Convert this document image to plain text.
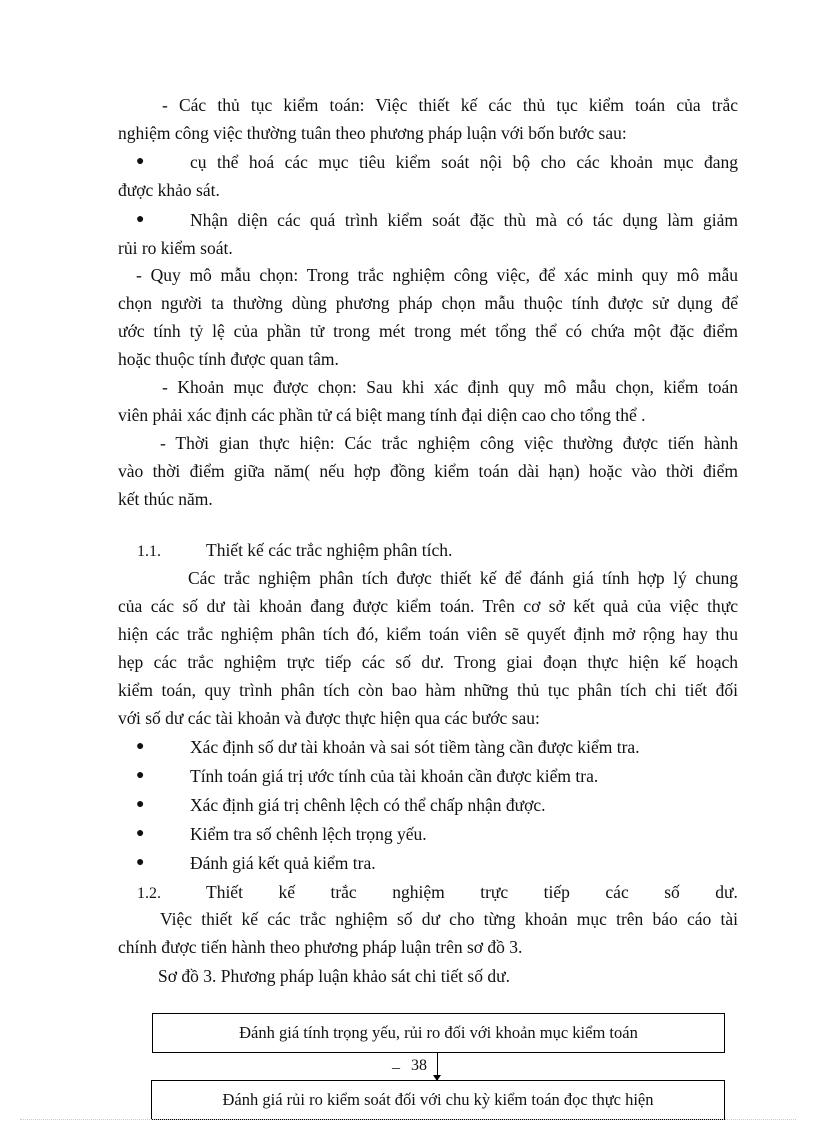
- Các thủ tục kiểm toán: Việc thiết kế các thủ tục kiểm toán của trắc
nghiệm công việc thường tuân theo phương pháp luận với bốn bước sau:
●	cụ thể hoá các mục tiêu kiểm soát nội bộ cho các khoản mục đang
được khảo sát.
●	Nhận diện các quá trình kiểm soát đặc thù mà có tác dụng làm giảm
rủi ro kiểm soát.
- Quy mô mẫu chọn: Trong trắc nghiệm công việc, để xác minh quy mô mẫu
chọn người ta thường dùng phương pháp chọn mẫu thuộc tính được sử dụng để
ước tính tỷ lệ của phần tử trong mét trong mét tổng thể có chứa một đặc điểm
hoặc thuộc tính được quan tâm.
- Khoản mục được chọn: Sau khi xác định quy mô mẫu chọn, kiểm toán
viên phải xác định các phần tử cá biệt mang tính đại diện cao cho tổng thể .
- Thời gian thực hiện: Các trắc nghiệm công việc thường được tiến hành
vào thời điểm giữa năm( nếu hợp đồng kiểm toán dài hạn) hoặc vào thời điểm
kết thúc năm.
1.1.	Thiết kế các trắc nghiệm phân tích.
Các trắc nghiệm phân tích được thiết kế để đánh giá tính hợp lý chung
của các số dư tài khoản đang được kiểm toán. Trên cơ sở kết quả của việc thực
hiện các trắc nghiệm phân tích đó, kiểm toán viên sẽ quyết định mở rộng hay thu
hẹp các trắc nghiệm trực tiếp các số dư. Trong giai đoạn thực hiện kế hoạch
kiểm toán, quy trình phân tích còn bao hàm những thủ tục phân tích chi tiết đối
với số dư các tài khoản và được thực hiện qua các bước sau:
●	Xác định số dư tài khoản và sai sót tiềm tàng cần được kiểm tra.
●	Tính toán giá trị ước tính của tài khoản cần được kiểm tra.
●	Xác định giá trị chênh lệch có thể chấp nhận được.
●	Kiểm tra số chênh lệch trọng yếu.
●	Đánh giá kết quả kiểm tra.
1.2.	Thiết kế trắc nghiệm trực tiếp các số dư.
Việc thiết kế các trắc nghiệm số dư cho từng khoản mục trên báo cáo tài
chính được tiến hành theo phương pháp luận trên sơ đồ 3.
Sơ đồ 3. Phương pháp luận khảo sát chi tiết số dư.
Đánh giá tính trọng yếu, rủi ro đối với khoản mục kiểm toán
_ 38
Đánh giá rủi ro kiểm soát đối với chu kỳ kiểm toán đọc thực hiện
